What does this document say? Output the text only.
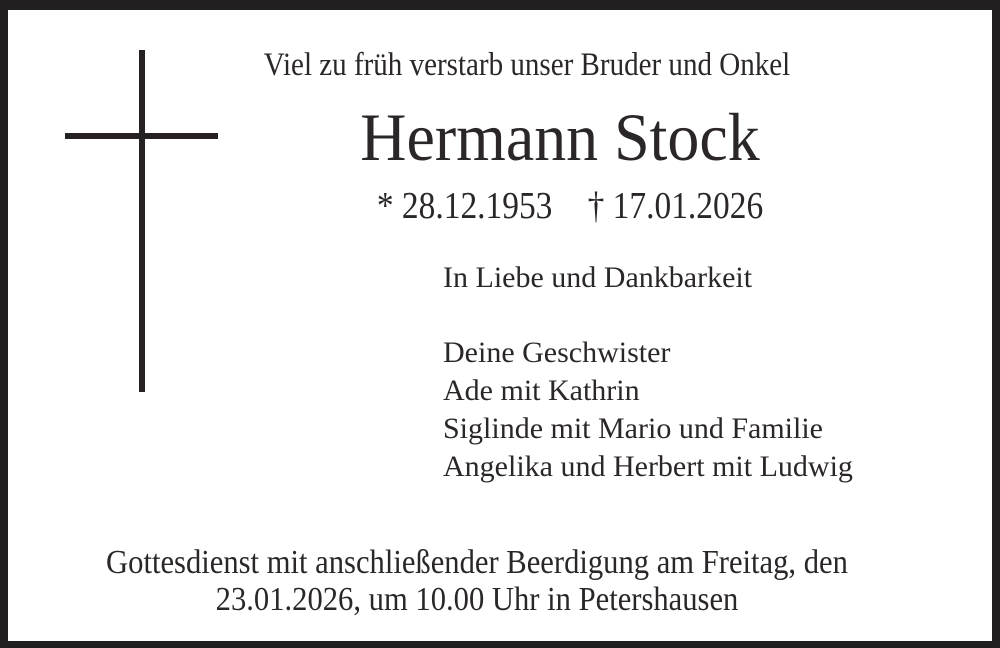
Viel zu früh verstarb unser Bruder und Onkel
Hermann Stock
* 28.12.1953 † 17.01.2026
In Liebe und Dankbarkeit
Deine Geschwister
Ade mit Kathrin
Siglinde mit Mario und Familie
Angelika und Herbert mit Ludwig
Gottesdienst mit anschließender Beerdigung am Freitag, den
23.01.2026, um 10.00 Uhr in Petershausen
